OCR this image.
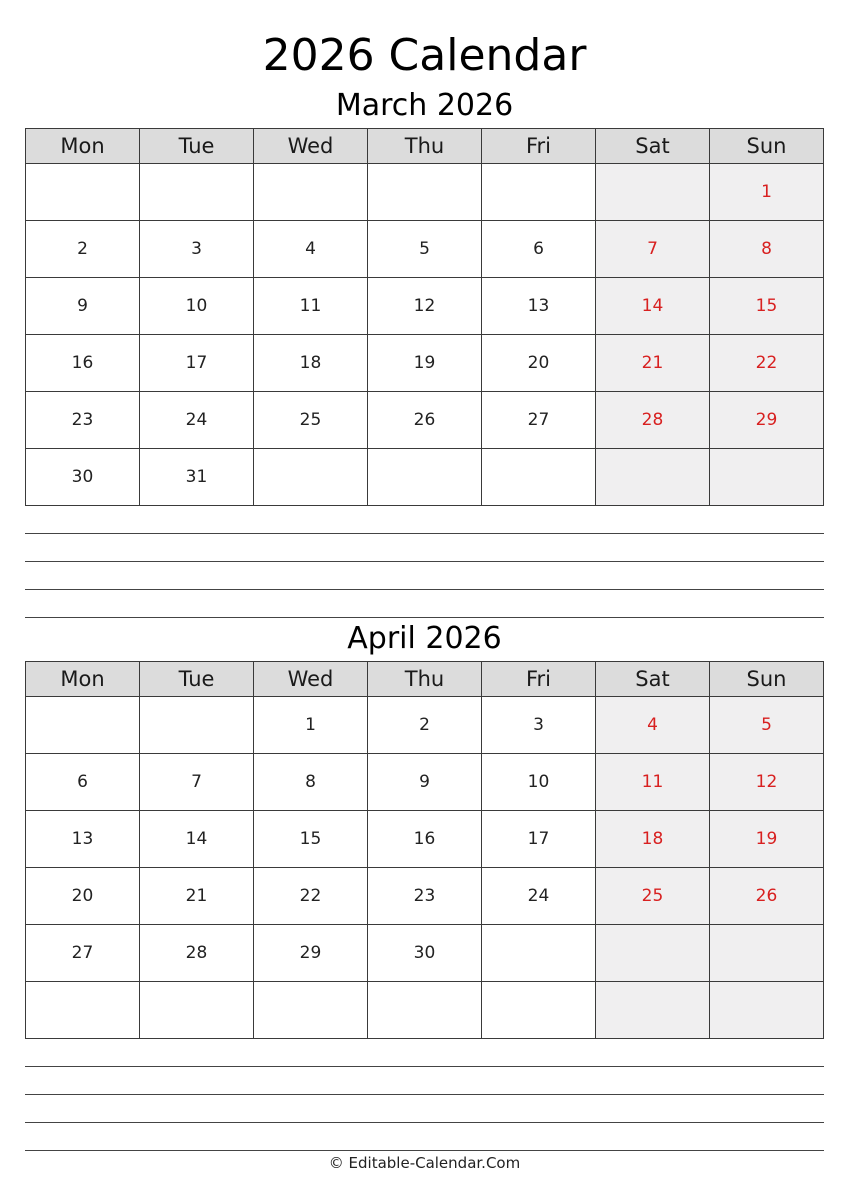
2026 Calendar
March 2026
Mon	Tue	Wed	Thu	Fri	Sat	Sun
						1
2	3	4	5	6	7	8
9	10	11	12	13	14	15
16	17	18	19	20	21	22
23	24	25	26	27	28	29
30	31					
April 2026
Mon	Tue	Wed	Thu	Fri	Sat	Sun
		1	2	3	4	5
6	7	8	9	10	11	12
13	14	15	16	17	18	19
20	21	22	23	24	25	26
27	28	29	30			

© Editable-Calendar.Com
